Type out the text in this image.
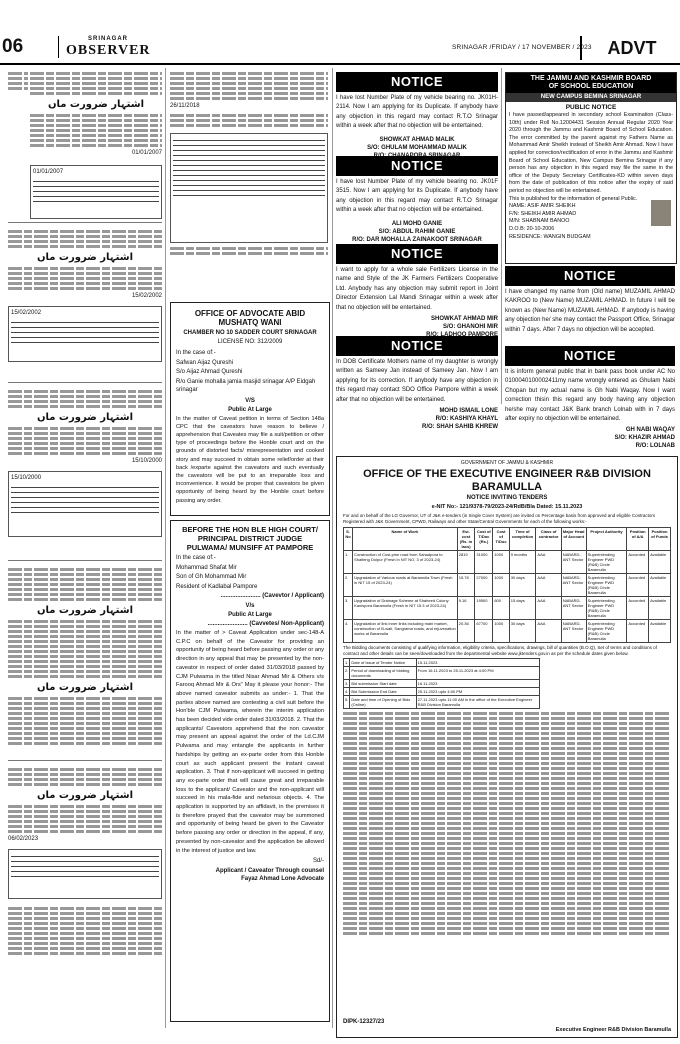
06	SRINAGAR
OBSERVER	SRINAGAR /FRIDAY / 17 NOVEMBER / 2023 ADVT
اشتہار ضرورت ماں
01/01/2007
01/01/2007
اشتہار ضرورت ماں
15/02/2002
15/02/2002
اشتہار ضرورت ماں
15/10/2000
15/10/2000
اشتہار ضرورت ماں
اشتہار ضرورت ماں
اشتہار ضرورت ماں
06/02/2023
26/11/2018
OFFICE OF ADVOCATE ABID
MUSHATQ WANI
CHAMBER NO 10 SADDER COURT SRINAGAR
LICENSE NO: 312/2009
In the case of:-
Safwan Aijaz Qureshi
S/o Aijaz Ahmad Qureshi
R/o Ganie mohalla jamia masjid srinagar A/P Eidgah srinagar
V/S
Public At Large
In the matter of Caveat petition in terms of Section 148a CPC that the caveators have reason to believe / apprehension that Caveates may file a suit/petition or other type of proceedings before the Honble court and on the grounds of distorted facts/ misrepresentation and cooked story and may succeed in obtain some relief/order at their back /exparte against the caveators and such eventually the caveators will be put to an irreparable loss and inconvenience. It would be proper that caveators be given opportunity of being heard by the Honble court before passing any order.
BEFORE THE HON BLE HIGH COURT/
PRINCIPAL DISTRICT JUDGE
PULWAMA/ MUNSIFF AT PAMPORE
In the case of:-
Mohammad Shafat Mir
Son of Gh Mohammad Mir
Resident of Kadlabal Pampore
........................ (Cavevtor / Applicant)
V/s
Public At Large
........................ (Cavvetes/ Non-Applicant)
In the matter of > Caveat Application under sec-148-A C.P.C on behalf of the Caveator for providing an opportunity of being heard before passing any order or any direction in any appeal that may be presented by the non-caveator in respect of order dated 31/03/2018 passed by CJM Pulwama in the titled Nisar Ahmad Mir & Others v/s Farooq Ahmad Mir & Ors" May it please your honor:- The above named caveator submits as under:- 1. That the parties above named are contesting a civil suit before the Hon'ble CJM Pulwama, wherein the interim application has been decided vide order dated 31/03/2018. 2. That the applicants/ Caveators apprehend that the non caveator may present an appeal against the order of the Ld.CJM Pulwama and may entangle the applicants in further hardships by getting an ex-parte order from this Honble court as such applicant present the instant caveat application. 3. That if non-applicant will succeed in getting any ex-parte order that will cause great and irreparable loss to the applicant/ Caveator and the non-applicant will succeed in his mala-fide and nefarious objects. 4. The application is supported by an affidavit, in the premises it is therefore prayed that the caveator may be summoned and opportunity of being heard be given to the Caveator before passing any order or direction in the appeal, if any, presented by non-caveator and the application be allowed in the interest of justice and law.
Sd/-
Applicant / Caveator Through counsel
Fayaz Ahmad Lone Advocate
NOTICE
I have lost Number Plate of my vehicle bearing no. JK01H- 2114. Now I am applying for its Duplicate. If anybody have any objection in this regard may contact R.T.O Srinagar within a week after that no objection will be entertained.
SHOWKAT AHMAD MALIK
S/O: GHULAM MOHAMMAD MALIK
NOTICE
I have lost Number Plate of my vehicle bearing no. JK01F 3515. Now I am applying for its Duplicate. If anybody have any objection in this regard may contact R.T.O Srinagar within a week after that no objection will be entertained.
ALI MOHD GANIE
S/O: ABDUL RAHIM GANIE
R/O: DAR MOHALLA ZAINAKOOT SRINAGAR
NOTICE
I want to apply for a whole sale Fertilizers License in the name and Style of the JK Farmers Fertilizers Cooperative Ltd. Anybody has any objection may submit report in Joint Director Extension Lal Mandi Srinagar within a week after that no objection will be entertained.
SHOWKAT AHMAD MIR
S/O: GHANOHI MIR
NOTICE
In DOB Certificate Mothers name of my daughter is wrongly written as Sameey Jan instead of Sameey Jan. Now I am applying for its correction. If anybody have any objection in this regard may contact SDO Office Pampore within a week after that no objection will be entertained.
MOHD ISMAIL LONE
R/O: KASHIYA KHAYL
R/O: SHAH SAHIB KHREW
THE JAMMU AND KASHMIR BOARD
OF SCHOOL EDUCATION
NEW CAMPUS BEMINA SRINAGAR
PUBLIC NOTICE
I have passed/appeared in secondary school Examination (Class-10th) under Roll No.12004431 Session Annual Regular 2020 Year 2020 through the Jammu and Kashmir Board of School Education. The error committed by the parent against my Fathers Name as Mohammad Amir Sheikh instead of Sheikh Amir Ahmad. Now I have applied for correction/rectification of error in the Jammu and Kashmir Board of School Education, New Campus Bemina Srinagar if any person has any objection in this regard may file the same in the office of the Deputy Secretary Certificates-KD within seven days from the date of publication of this notice after the expiry of said period no objection will be entertained.
This is published for the information of general Public.
NAME: ASIF AMIR SHEIKH
F/N: SHEIKH AMIR AHMAD
M/N: SHABNAM BANOO
D.O.B: 20-10-2006
RESIDENCE: WANGIN BUDGAM
NOTICE
I have changed my name from (Old name) MUZAMIL AHMAD KAKROO to (New Name) MUZAMIL AHMAD. In future I will be known as (New Name) MUZAMIL AHMAD. If anybody is having any objection he/ she may contact the Passport Office, Srinagar within 7 days. After 7 days no objection will be accepted.
NOTICE
It is inform general public that in bank pass book under AC No 0100040100002411my name wrongly entered as Ghulam Nabi Chopan but my actual name is Gh Nabi Waqay. Now I want correction thisin this regard any body having any objection he/she may contact J&K Bank branch Lolnab with in 7 days after expiry no objection will be entertained.
GH NABI WAQAY
S/O: KHAZIR AHMAD
R/O: LOLNAB
GOVERNMENT OF JAMMU & KASHMIR
OFFICE OF THE EXECUTIVE ENGINEER R&B DIVISION BARAMULLA
NOTICE INVITING TENDERS
e-NIT No:- 121/9378-79/2023-24/RdB/Bla Dated: 15.11.2023
For and on behalf of the LG Governor, UT of J&K e-tenders (in Single Cover System) are invited on Percentage basis from approved and eligible Contractors Registered with J&K Government, CPWD, Railways and other State/Central Governments for each of the following works:-
S. No	Name of Work	Est. cost (Rs. in lacs)	Cost of T/Doc (Rs.)	Cost of T/Doc	Time of completion	Class of contractor	Major Head of Account	Project Authority	Position of A/A	Position of Funds
1.	Construction of Cost-pine road from Sahadpora to Shalteng Doipur (Fresh in NIT NO. 3 of 2023-24)	2819	31000	1000	9 months	AAA	NABARD-ANT Sector	Superintending Engineer PWD (R&B) Circle Baramulla	Accorded	Available
2.	Upgradation of Various roads at Baramulla Town (Fresh in NIT 15 of 2023-24)	15.78	27000	1000	30 days	AAA	NABARD-ANT Sector	Superintending Engineer PWD (R&B) Circle Baramulla	Accorded	Available
3.	Upgradation of Drainage Scheme at Shaheed Colony Kanispora Baramulla (Fresh in NIT 15.3 of 2023-24)	9.16	19500	600	15 days	AAA	NABARD-ANT Sector	Superintending Engineer PWD (R&B) Circle Baramulla	Accorded	Available
4.	Upgradation of link inner links including main market, construction of B-wall, Sangrama roads, and rejuvenation works at Baramulla	20.36	67700	1000	30 days	AAA	NABARD-ANT Sector	Superintending Engineer PWD (R&B) Circle Baramulla	Accorded	Available
The Bidding documents consisting of qualifying information, eligibility criteria, specifications, drawings, bill of quantities (B.O.Q), Set of terms and conditions of contract and other details can be seen/downloaded from the departmental website www.jktenders.gov.in as per the schedule dates given below.
1.	Date of Issue of Tender Notice	15.11.2023
2.	Period of downloading of bidding documents	From 16.11.2023 to 25.11.2023 at 4:00 PM
3.	Bid submission Start date	16.11.2023
4.	Bid Submission End Date	25.11.2023 upto 4:00 PM
5.	Date and time of Opening of Bids (Online)	27.11.2023 upto 11:00 AM in the office of the Executive Engineer R&B Division Baramulla
DIPK-12327/23
Executive Engineer R&B Division Baramulla
